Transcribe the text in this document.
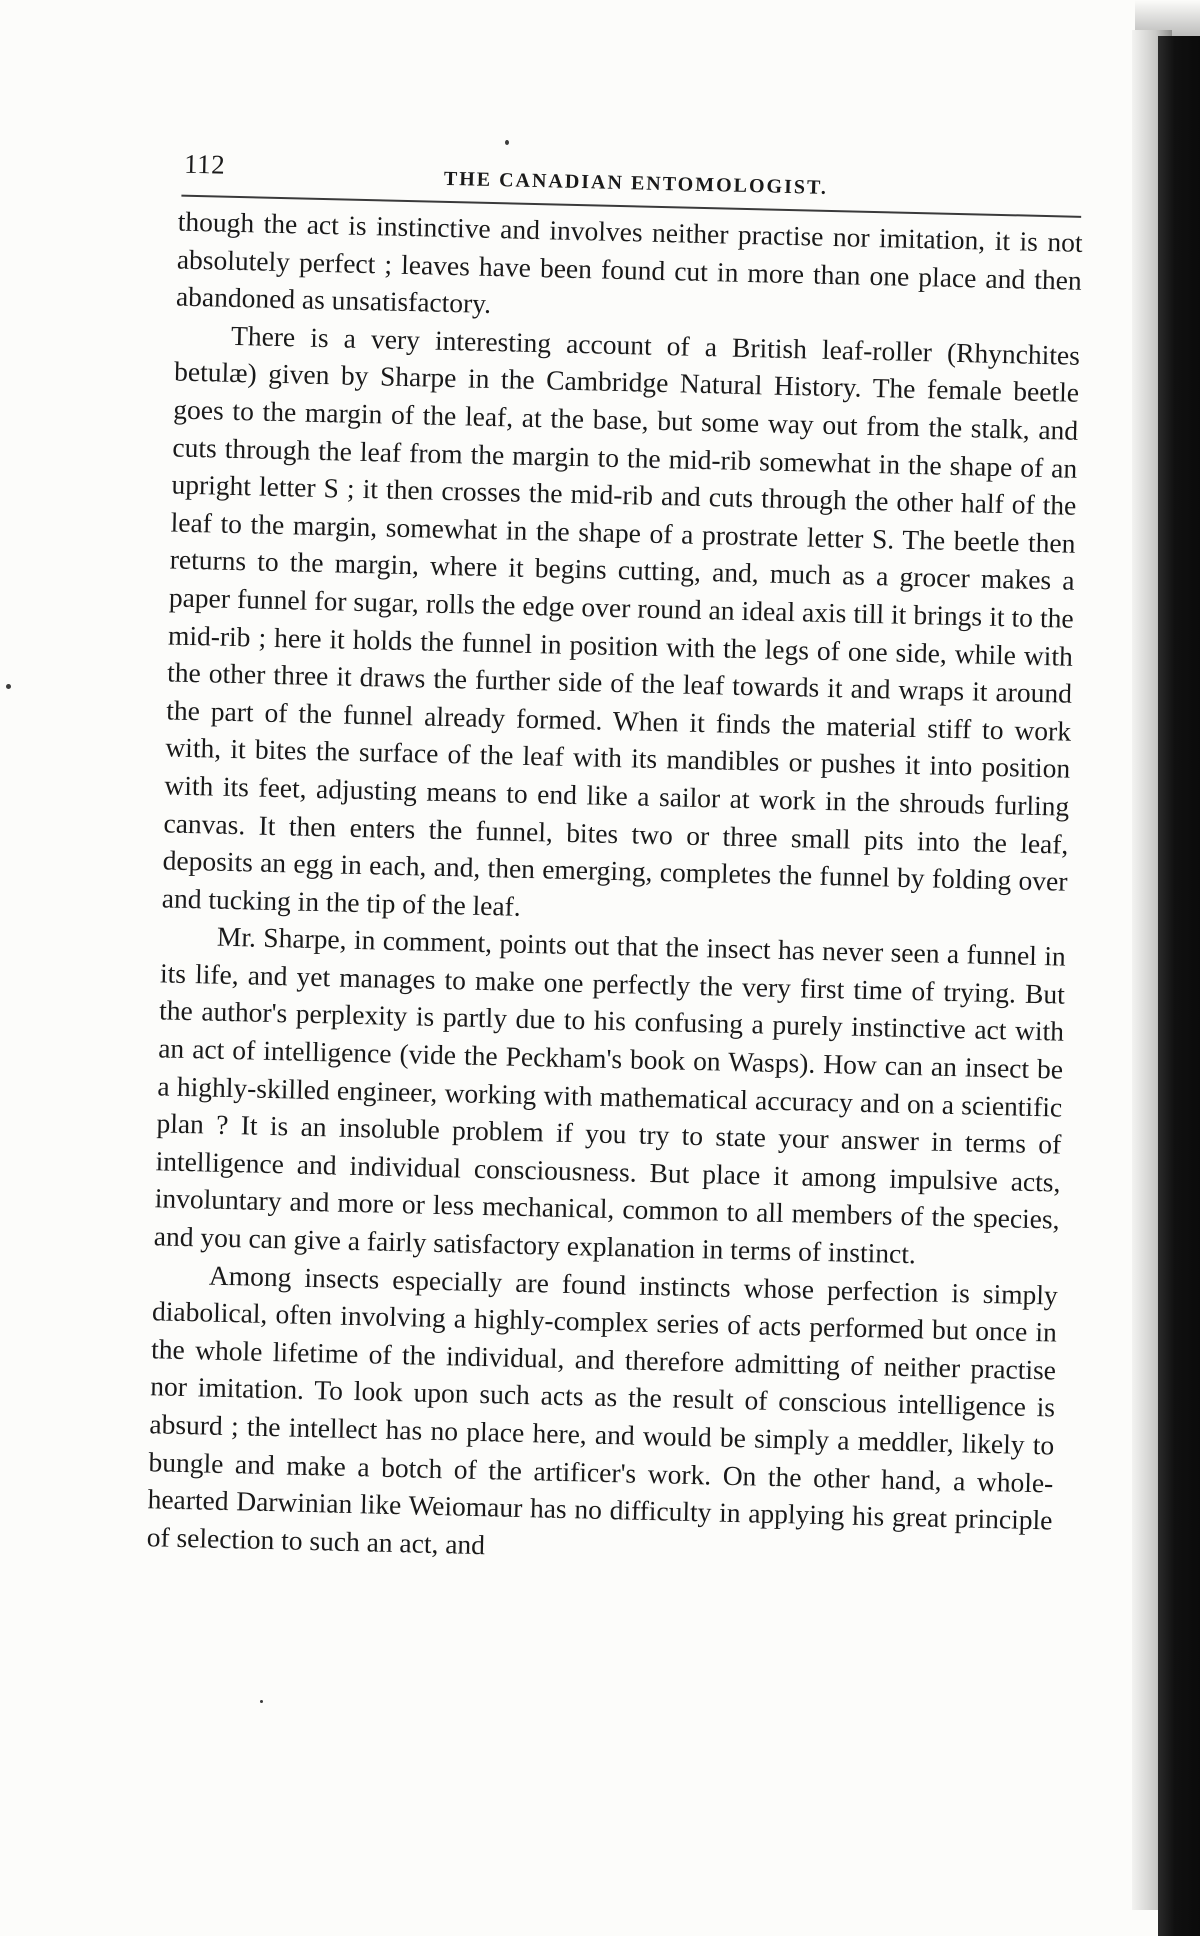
112
THE CANADIAN ENTOMOLOGIST.

though the act is instinctive and involves neither practise nor imitation, it is not absolutely perfect ; leaves have been found cut in more than one place and then abandoned as unsatisfactory.

There is a very interesting account of a British leaf-roller (Rhynchites betulæ) given by Sharpe in the Cambridge Natural History. The female beetle goes to the margin of the leaf, at the base, but some way out from the stalk, and cuts through the leaf from the margin to the mid-rib somewhat in the shape of an upright letter S ; it then crosses the mid-rib and cuts through the other half of the leaf to the margin, somewhat in the shape of a prostrate letter S. The beetle then returns to the margin, where it begins cutting, and, much as a grocer makes a paper funnel for sugar, rolls the edge over round an ideal axis till it brings it to the mid-rib ; here it holds the funnel in position with the legs of one side, while with the other three it draws the further side of the leaf towards it and wraps it around the part of the funnel already formed. When it finds the material stiff to work with, it bites the surface of the leaf with its mandibles or pushes it into position with its feet, adjusting means to end like a sailor at work in the shrouds furling canvas. It then enters the funnel, bites two or three small pits into the leaf, deposits an egg in each, and, then emerging, completes the funnel by folding over and tucking in the tip of the leaf.

Mr. Sharpe, in comment, points out that the insect has never seen a funnel in its life, and yet manages to make one perfectly the very first time of trying. But the author's perplexity is partly due to his confusing a purely instinctive act with an act of intelligence (vide the Peckham's book on Wasps). How can an insect be a highly-skilled engineer, working with mathematical accuracy and on a scientific plan ? It is an insoluble problem if you try to state your answer in terms of intelligence and individual consciousness. But place it among impulsive acts, involuntary and more or less mechanical, common to all members of the species, and you can give a fairly satisfactory explanation in terms of instinct.

Among insects especially are found instincts whose perfection is simply diabolical, often involving a highly-complex series of acts performed but once in the whole lifetime of the individual, and therefore admitting of neither practise nor imitation. To look upon such acts as the result of conscious intelligence is absurd ; the intellect has no place here, and would be simply a meddler, likely to bungle and make a botch of the artificer's work. On the other hand, a whole-hearted Darwinian like Weiomaur has no difficulty in applying his great principle of selection to such an act, and
